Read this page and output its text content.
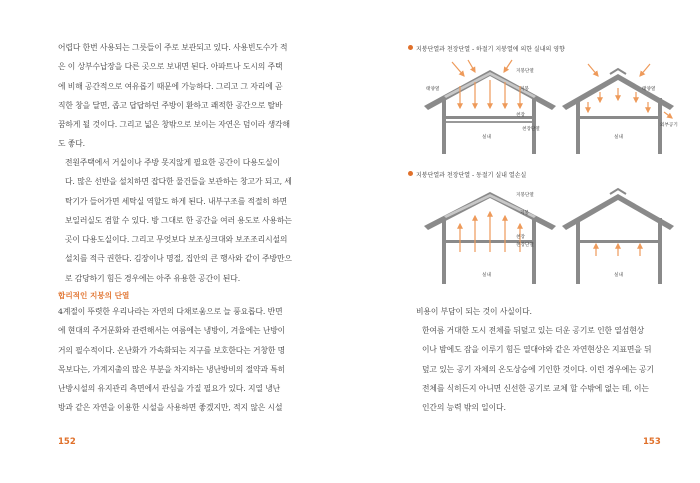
어렵다 한번 사용되는 그릇들이 주로 보관되고 있다. 사용빈도수가 적
은 이 상부수납장을 다른 곳으로 보내면 된다. 아파트나 도시의 주택
에 비해 공간적으로 여유롭기 때문에 가능하다. 그리고 그 자리에 곧
직한 창을 달면, 좁고 답답하던 주방이 환하고 쾌적한 공간으로 탈바
꿈하게 될 것이다. 그리고 넓은 창밖으로 보이는 자연은 덤이라 생각해
도 좋다.

전원주택에서 거실이나 주방 못지않게 필요한 공간이 다용도실이
다. 많은 선반을 설치하면 잡다한 물건들을 보관하는 창고가 되고, 세
탁기가 들어가면 세탁실 역할도 하게 된다. 내부구조를 적절히 하면
보일러실도 겸할 수 있다. 방 그대로 한 공간을 여러 용도로 사용하는
곳이 다용도실이다. 그리고 무엇보다 보조싱크대와 보조조리시설의
설치를 적극 권한다. 김장이나 명절, 집안의 큰 행사와 같이 주방만으
로 감당하기 힘든 경우에는 아주 유용한 공간이 된다.

합리적인 지붕의 단열

4계절이 뚜렷한 우리나라는 자연의 다채로움으로 늘 풍요롭다. 반면
에 현대의 주거문화와 관련해서는 여름에는 냉방이, 겨울에는 난방이
거의 필수적이다. 온난화가 가속화되는 지구를 보호한다는 거창한 명
목보다는, 가계지출의 많은 부분을 차지하는 냉난방비의 절약과 특히
난방시설의 유지관리 측면에서 관심을 가질 필요가 있다. 지열 냉난
방과 같은 자연을 이용한 시설을 사용하면 좋겠지만, 적지 않은 시설

152

지붕단열과 천장단열 - 하절기 지붕열에 의한 실내의 영향

태양열
지붕단열
지붕
천장
천장단열
실내
태양열
외부공기
실내

지붕단열과 천장단열 - 동절기 실내 열손실

지붕단열
지붕
천장
천장단열
실내	실내

비용이 부담이 되는 것이 사실이다.

한여름 거대한 도시 전체를 뒤덮고 있는 더운 공기로 인한 열섬현상
이나 밤에도 잠을 이루기 힘든 열대야와 같은 자연현상은 지표면을 뒤
덮고 있는 공기 자체의 온도상승에 기인한 것이다. 이런 경우에는 공기
전체를 식히든지 아니면 신선한 공기로 교체 할 수밖에 없는 데, 이는
인간의 능력 밖의 일이다.

153
